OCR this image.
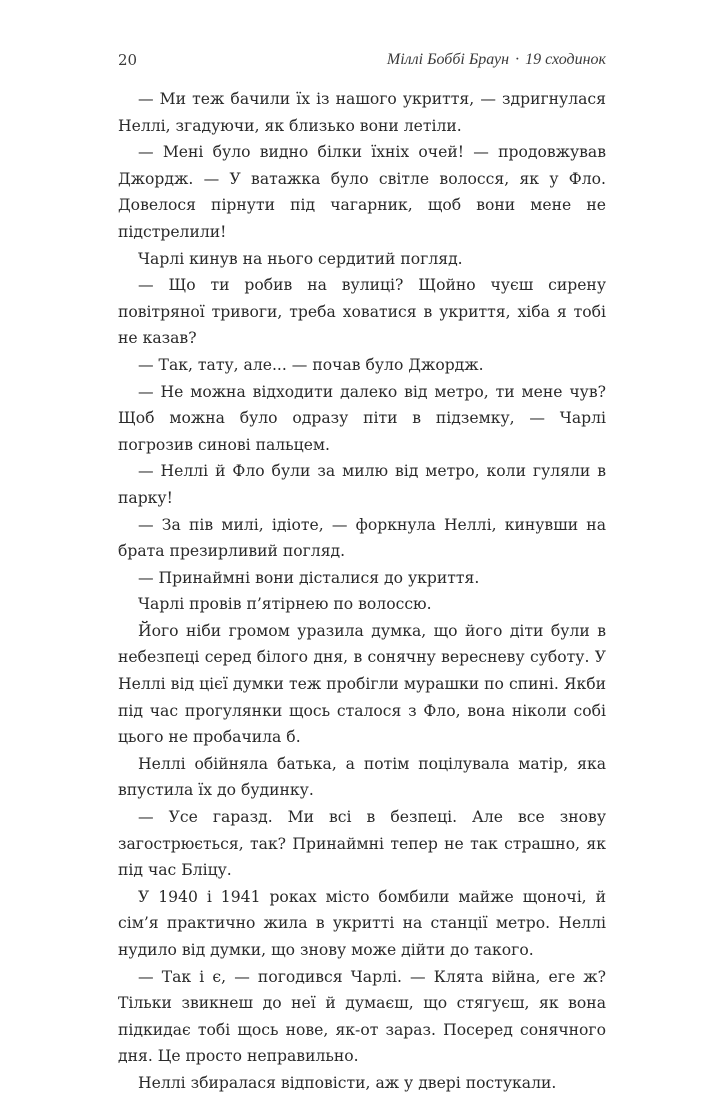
20	Міллі Боббі Браун · 19 сходинок

— Ми теж бачили їх із нашого укриття, — здригнулася Неллі, згадуючи, як близько вони летіли.

— Мені було видно білки їхніх очей! — продовжував Джордж. — У ватажка було світле волосся, як у Фло. Довелося пірнути під чагарник, щоб вони мене не підстрелили!

Чарлі кинув на нього сердитий погляд.

— Що ти робив на вулиці? Щойно чуєш сирену повітряної тривоги, треба ховатися в укриття, хіба я тобі не казав?

— Так, тату, але... — почав було Джордж.

— Не можна відходити далеко від метро, ти мене чув? Щоб можна було одразу піти в підземку, — Чарлі погрозив синові пальцем.

— Неллі й Фло були за милю від метро, коли гуляли в парку!

— За пів милі, ідіоте, — форкнула Неллі, кинувши на брата презирливий погляд.

— Принаймні вони дісталися до укриття.

Чарлі провів п’ятірнею по волоссю.

Його ніби громом уразила думка, що його діти були в небезпеці серед білого дня, в сонячну вересневу суботу. У Неллі від цієї думки теж пробігли мурашки по спині. Якби під час прогулянки щось сталося з Фло, вона ніколи собі цього не пробачила б.

Неллі обійняла батька, а потім поцілувала матір, яка впустила їх до будинку.

— Усе гаразд. Ми всі в безпеці. Але все знову загострюється, так? Принаймні тепер не так страшно, як під час Бліцу.

У 1940 і 1941 роках місто бомбили майже щоночі, й сім’я практично жила в укритті на станції метро. Неллі нудило від думки, що знову може дійти до такого.

— Так і є, — погодився Чарлі. — Клята війна, еге ж? Тільки звикнеш до неї й думаєш, що стягуєш, як вона підкидає тобі щось нове, як-от зараз. Посеред сонячного дня. Це просто неправильно.

Неллі збиралася відповісти, аж у двері постукали.
